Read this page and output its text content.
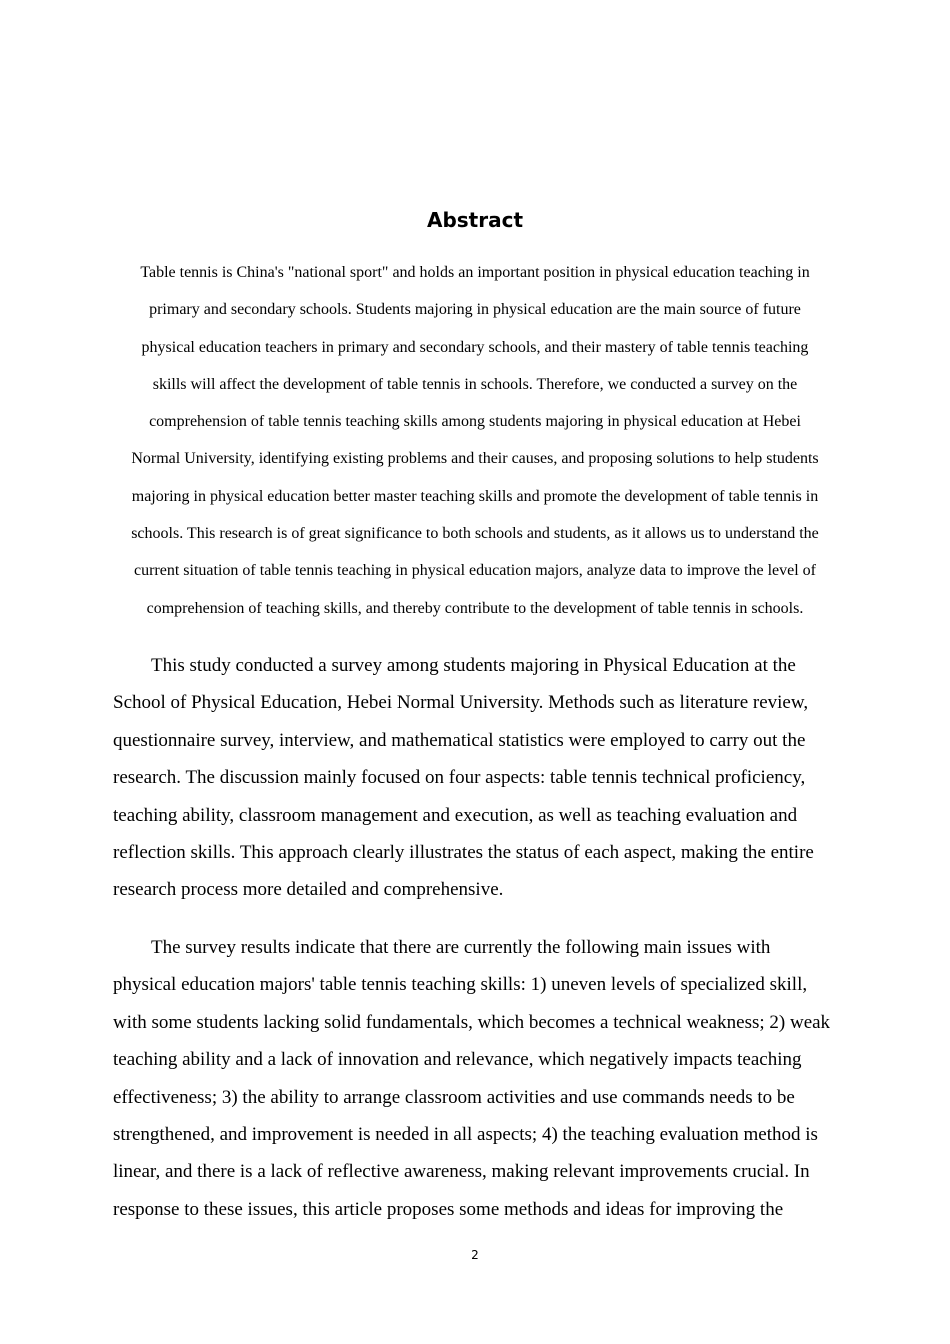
Abstract

Table tennis is China's "national sport" and holds an important position in physical education teaching in

primary and secondary schools. Students majoring in physical education are the main source of future

physical education teachers in primary and secondary schools, and their mastery of table tennis teaching

skills will affect the development of table tennis in schools. Therefore, we conducted a survey on the

comprehension of table tennis teaching skills among students majoring in physical education at Hebei

Normal University, identifying existing problems and their causes, and proposing solutions to help students

majoring in physical education better master teaching skills and promote the development of table tennis in

schools. This research is of great significance to both schools and students, as it allows us to understand the

current situation of table tennis teaching in physical education majors, analyze data to improve the level of

comprehension of teaching skills, and thereby contribute to the development of table tennis in schools.

This study conducted a survey among students majoring in Physical Education at the

School of Physical Education, Hebei Normal University. Methods such as literature review,

questionnaire survey, interview, and mathematical statistics were employed to carry out the

research. The discussion mainly focused on four aspects: table tennis technical proficiency,

teaching ability, classroom management and execution, as well as teaching evaluation and

reflection skills. This approach clearly illustrates the status of each aspect, making the entire

research process more detailed and comprehensive.

The survey results indicate that there are currently the following main issues with

physical education majors' table tennis teaching skills: 1) uneven levels of specialized skill,

with some students lacking solid fundamentals, which becomes a technical weakness; 2) weak

teaching ability and a lack of innovation and relevance, which negatively impacts teaching

effectiveness; 3) the ability to arrange classroom activities and use commands needs to be

strengthened, and improvement is needed in all aspects; 4) the teaching evaluation method is

linear, and there is a lack of reflective awareness, making relevant improvements crucial. In

response to these issues, this article proposes some methods and ideas for improving the

2
